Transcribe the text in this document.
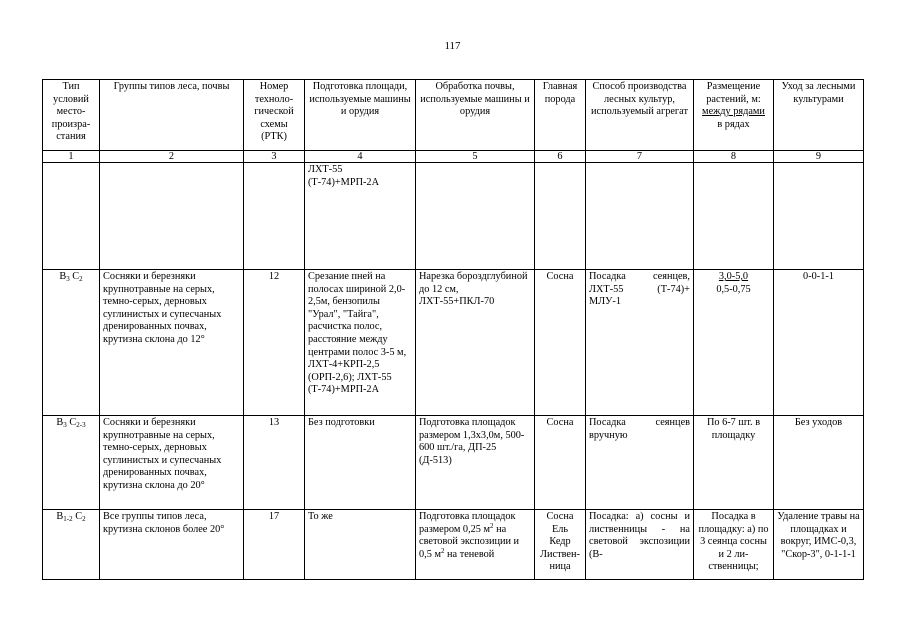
117
Тип условий место-произра-стания	Группы типов леса, почвы	Номер техноло-гической схемы (РТК)	Подготовка площади, используемые машины и орудия	Обработка почвы, используемые машины и орудия	Главная порода	Способ производства лесных культур, используемый агрегат	Размещение
растений, м:
между рядами
в рядах	Уход за лесными культурами
1	2	3	4	5	6	7	8	9
			ЛХТ-55 (Т-74)+МРП-2А					
$В_3$ $С_2$	Сосняки и березняки крупнотравные на серых, темно-серых, дерновых суглинистых и супесчаных дренированных почвах, крутизна склона до 12°	12	Срезание пней на полосах шириной 2,0-2,5м, бензопилы "Урал", "Тайга", расчистка полос, расстояние между центрами полос 3-5 м, ЛХТ-4+КРП-2,5 (ОРП-2,6); ЛХТ-55 (Т-74)+МРП-2А	Нарезка бороздглубиной до 12 см, ЛХТ-55+ПКЛ-70	Сосна	Посадка сеянцев, ЛХТ-55 (Т-74)+ МЛУ-1	3,0-5,0
0,5-0,75	0-0-1-1
$В_3$ $С_{2-3}$	Сосняки и березняки крупнотравные на серых, темно-серых, дерновых суглинистых и супесчаных дренированных почвах, крутизна склона до 20°	13	Без подготовки	Подготовка площадок размером 1,3х3,0м, 500-600 шт./га, ДП-25 (Д-513)	Сосна	Посадка сеянцев вручную	По 6-7 шт. в площадку	Без уходов
$В_{1-2}$ $С_2$	Все группы типов леса, крутизна склонов более 20°	17	То же	Подготовка площадок размером 0,25 $м^2$ на световой экспозиции и 0,5 $м^2$ на теневой	Сосна
Ель
Кедр
Листвен-
ница	Посадка: а) сосны и лиственницы - на световой экспозиции (В-	Посадка в площадку: а) по 3 сеянца сосны и 2 ли-ственницы;	Удаление травы на площадках и вокруг, ИМС-0,3, "Скор-3", 0-1-1-1
